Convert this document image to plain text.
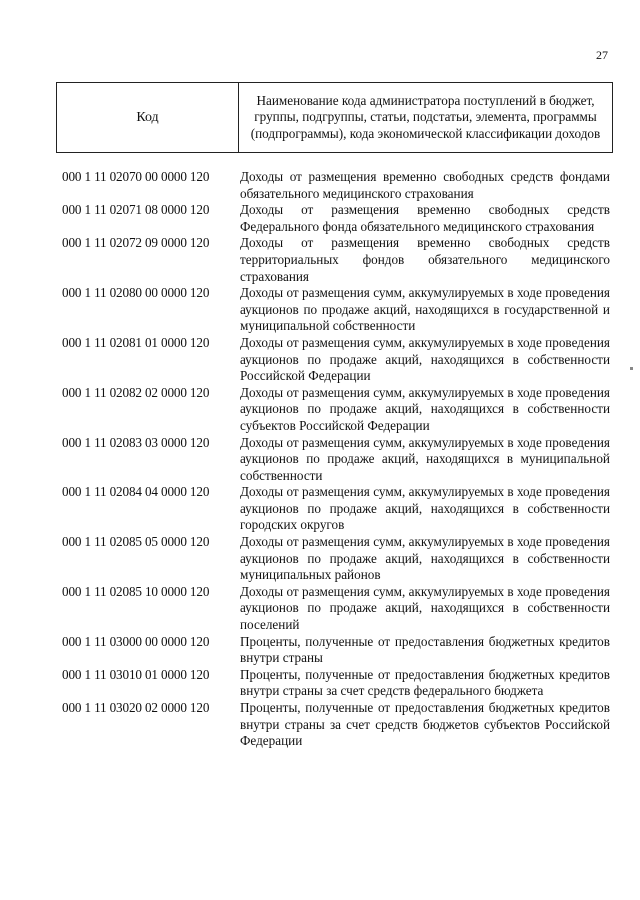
27
Код
Наименование кода администратора поступлений в бюджет, группы, подгруппы, статьи, подстатьи, элемента, программы (подпрограммы), кода экономической классификации доходов
000 1 11 02070 00 0000 120	Доходы от размещения временно свободных средств фондами обязательного медицинского страхования
000 1 11 02071 08 0000 120	Доходы от размещения временно свободных средств Федерального фонда обязательного медицинского страхования
000 1 11 02072 09 0000 120	Доходы от размещения временно свободных средств территориальных фондов обязательного медицинского страхования
000 1 11 02080 00 0000 120	Доходы от размещения сумм, аккумулируемых в ходе проведения аукционов по продаже акций, находящихся в государственной и муниципальной собственности
000 1 11 02081 01 0000 120	Доходы от размещения сумм, аккумулируемых в ходе проведения аукционов по продаже акций, находящихся в собственности Российской Федерации
000 1 11 02082 02 0000 120	Доходы от размещения сумм, аккумулируемых в ходе проведения аукционов по продаже акций, находящихся в собственности субъектов Российской Федерации
000 1 11 02083 03 0000 120	Доходы от размещения сумм, аккумулируемых в ходе проведения аукционов по продаже акций, находящихся в муниципальной собственности
000 1 11 02084 04 0000 120	Доходы от размещения сумм, аккумулируемых в ходе проведения аукционов по продаже акций, находящихся в собственности городских округов
000 1 11 02085 05 0000 120	Доходы от размещения сумм, аккумулируемых в ходе проведения аукционов по продаже акций, находящихся в собственности муниципальных районов
000 1 11 02085 10 0000 120	Доходы от размещения сумм, аккумулируемых в ходе проведения аукционов по продаже акций, находящихся в собственности поселений
000 1 11 03000 00 0000 120	Проценты, полученные от предоставления бюджетных кредитов внутри страны
000 1 11 03010 01 0000 120	Проценты, полученные от предоставления бюджетных кредитов внутри страны за счет средств федерального бюджета
000 1 11 03020 02 0000 120	Проценты, полученные от предоставления бюджетных кредитов внутри страны за счет средств бюджетов субъектов Российской Федерации
